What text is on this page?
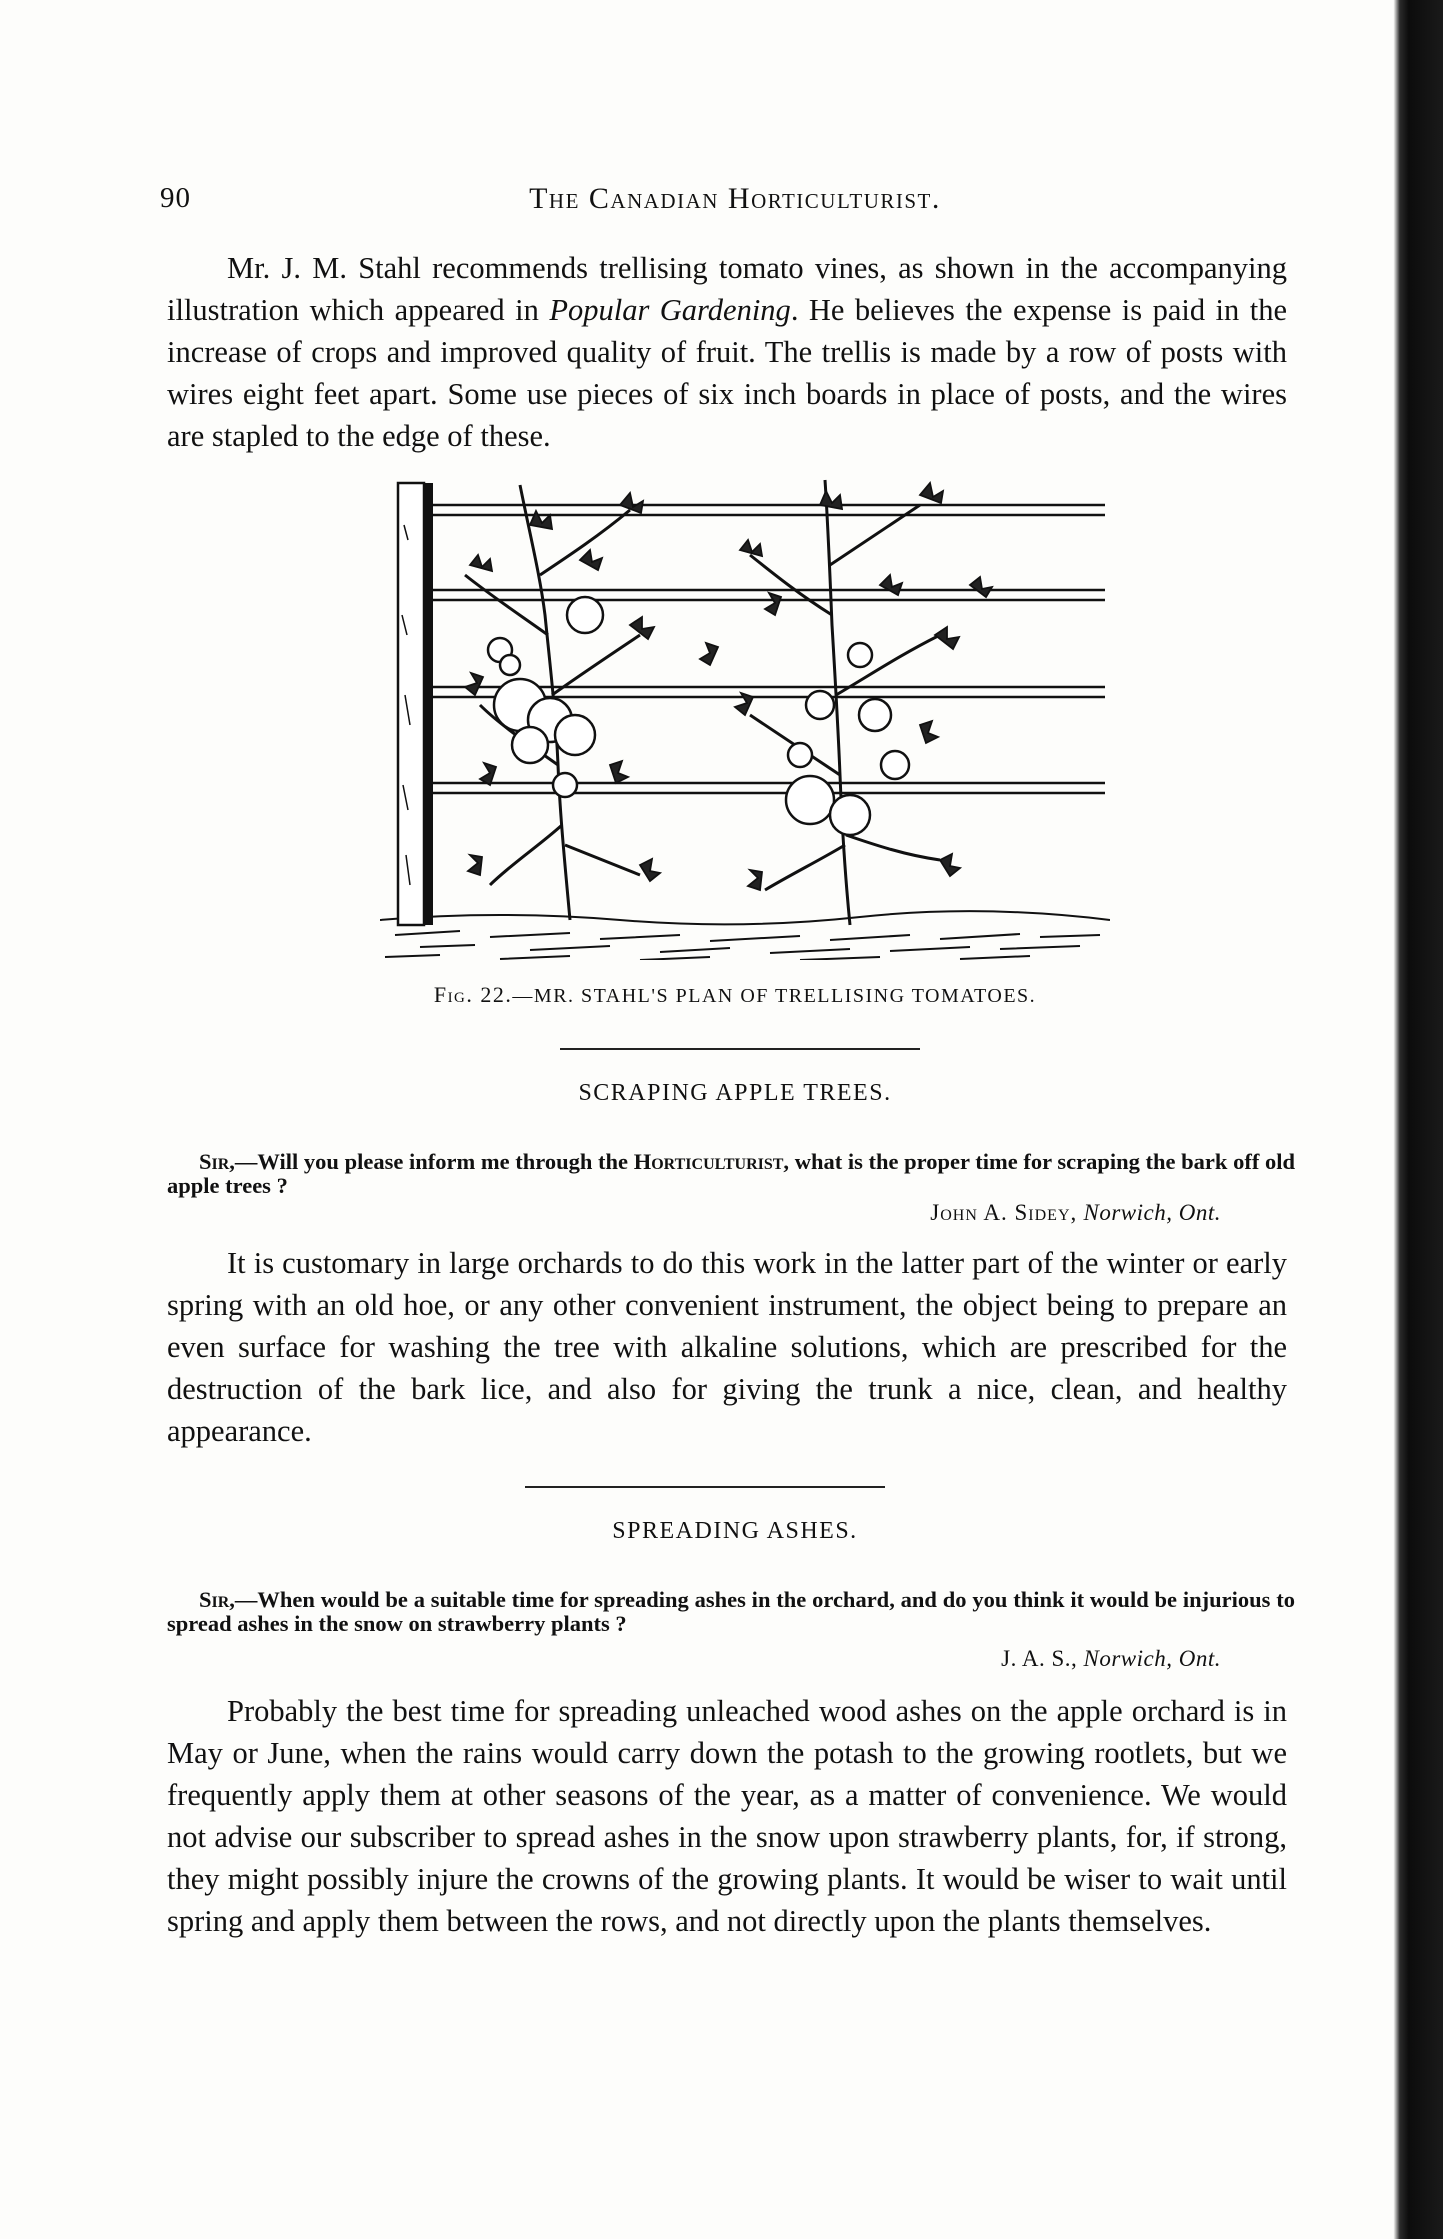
90	The Canadian Horticulturist.

Mr. J. M. Stahl recommends trellising tomato vines, as shown in the accompanying illustration which appeared in Popular Gardening. He believes the expense is paid in the increase of crops and improved quality of fruit. The trellis is made by a row of posts with wires eight feet apart. Some use pieces of six inch boards in place of posts, and the wires are stapled to the edge of these.

Fig. 22.—MR. STAHL'S PLAN OF TRELLISING TOMATOES.
SCRAPING APPLE TREES.

Sir,—Will you please inform me through the Horticulturist, what is the proper time for scraping the bark off old apple trees ?

John A. Sidey, Norwich, Ont.

It is customary in large orchards to do this work in the latter part of the winter or early spring with an old hoe, or any other convenient instrument, the object being to prepare an even surface for washing the tree with alkaline solutions, which are prescribed for the destruction of the bark lice, and also for giving the trunk a nice, clean, and healthy appearance.

SPREADING ASHES.

Sir,—When would be a suitable time for spreading ashes in the orchard, and do you think it would be injurious to spread ashes in the snow on strawberry plants ?

J. A. S., Norwich, Ont.

Probably the best time for spreading unleached wood ashes on the apple orchard is in May or June, when the rains would carry down the potash to the growing rootlets, but we frequently apply them at other seasons of the year, as a matter of convenience. We would not advise our subscriber to spread ashes in the snow upon strawberry plants, for, if strong, they might possibly injure the crowns of the growing plants. It would be wiser to wait until spring and apply them between the rows, and not directly upon the plants themselves.
